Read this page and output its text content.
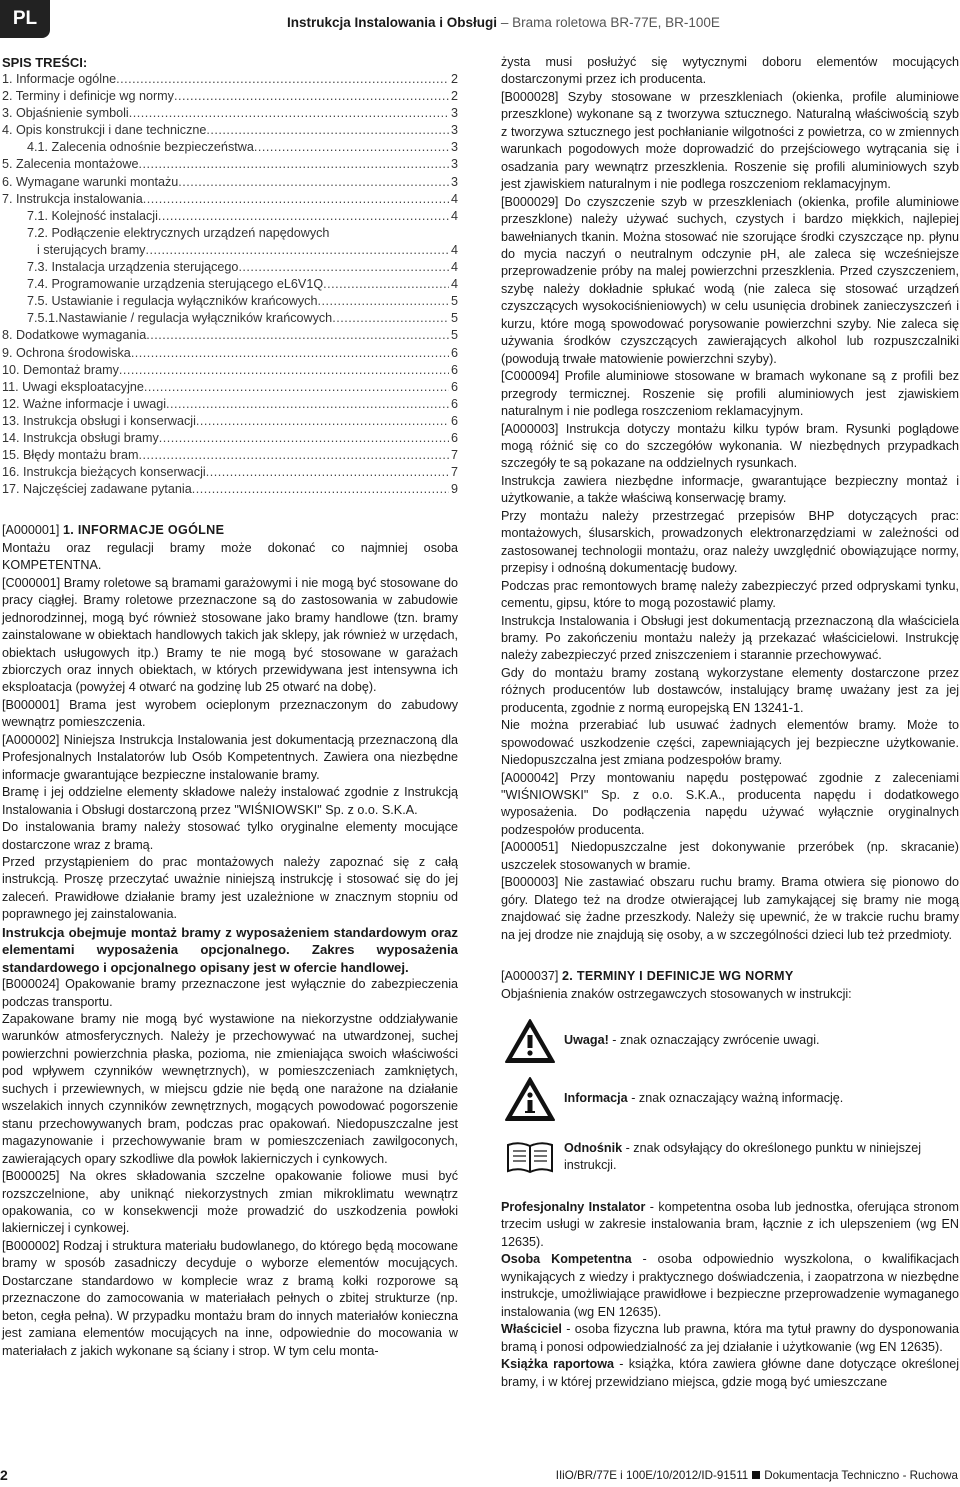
PL	Instrukcja Instalowania i Obsługi – Brama roletowa BR-77E, BR-100E
SPIS TREŚCI:
1. Informacje ogólne .....	2
2. Terminy i definicje wg normy .....	2
3. Objaśnienie symboli .....	3
4. Opis konstrukcji i dane techniczne .....	3
4.1. Zalecenia odnośnie bezpieczeństwa .....	3
5. Zalecenia montażowe .....	3
6. Wymagane warunki montażu .....	3
7. Instrukcja instalowania .....	4
7.1. Kolejność instalacji .....	4
7.2. Podłączenie elektrycznych urządzeń napędowych
i sterujących bramy .....	4
7.3. Instalacja urządzenia sterującego .....	4
7.4. Programowanie urządzenia sterującego eL6V1Q .....	4
7.5. Ustawianie i regulacja wyłączników krańcowych .....	5
7.5.1.Nastawianie / regulacja wyłączników krańcowych .....	5
8. Dodatkowe wymagania .....	5
9. Ochrona środowiska .....	6
10. Demontaż bramy .....	6
11. Uwagi eksploatacyjne .....	6
12. Ważne informacje i uwagi .....	6
13. Instrukcja obsługi i konserwacji .....	6
14. Instrukcja obsługi bramy .....	6
15. Błędy montażu bram .....	7
16. Instrukcja bieżących konserwacji .....	7
17. Najczęściej zadawane pytania .....	9

[A000001] 1. INFORMACJE OGÓLNE

Montażu oraz regulacji bramy może dokonać co najmniej osoba KOMPETENTNA.

[C000001] Bramy roletowe są bramami garażowymi i nie mogą być stosowane do pracy ciągłej. Bramy roletowe przeznaczone są do zastosowania w zabudowie jednorodzinnej, mogą być również stosowane jako bramy handlowe (tzn. bramy zainstalowane w obiektach handlowych takich jak sklepy, jak również w urzędach, obiektach usługowych itp.) Bramy te nie mogą być stosowane w garażach zbiorczych oraz innych obiektach, w których przewidywana jest intensywna ich eksploatacja (powyżej 4 otwarć na godzinę lub 25 otwarć na dobę).

[B000001] Brama jest wyrobem ocieplonym przeznaczonym do zabudowy wewnątrz pomieszczenia.

[A000002] Niniejsza Instrukcja Instalowania jest dokumentacją przeznaczoną dla Profesjonalnych Instalatorów lub Osób Kompetentnych. Zawiera ona niezbędne informacje gwarantujące bezpieczne instalowanie bramy.

Bramę i jej oddzielne elementy składowe należy instalować zgodnie z Instrukcją Instalowania i Obsługi dostarczoną przez "WIŚNIOWSKI" Sp. z o.o. S.K.A.

Do instalowania bramy należy stosować tylko oryginalne elementy mocujące dostarczone wraz z bramą.

Przed przystąpieniem do prac montażowych należy zapoznać się z całą instrukcją. Proszę przeczytać uważnie niniejszą instrukcję i stosować się do jej zaleceń. Prawidłowe działanie bramy jest uzależnione w znacznym stopniu od poprawnego jej zainstalowania.

Instrukcja obejmuje montaż bramy z wyposażeniem standardowym oraz elementami wyposażenia opcjonalnego. Zakres wyposażenia standardowego i opcjonalnego opisany jest w ofercie handlowej.

[B000024] Opakowanie bramy przeznaczone jest wyłącznie do zabezpieczenia podczas transportu.

Zapakowane bramy nie mogą być wystawione na niekorzystne oddziaływanie warunków atmosferycznych. Należy je przechowywać na utwardzonej, suchej powierzchni powierzchnia płaska, pozioma, nie zmieniająca swoich właściwości pod wpływem czynników wewnętrznych), w pomieszczeniach zamkniętych, suchych i przewiewnych, w miejscu gdzie nie będą one narażone na działanie wszelakich innych czynników zewnętrznych, mogących powodować pogorszenie stanu przechowywanych bram, podczas prac opakowań. Niedopuszczalne jest magazynowanie i przechowywanie bram w pomieszczeniach zawilgoconych, zawierających opary szkodliwe dla powłok lakierniczych i cynkowych.

[B000025] Na okres składowania szczelne opakowanie foliowe musi być rozszczelnione, aby uniknąć niekorzystnych zmian mikroklimatu wewnątrz opakowania, co w konsekwencji może prowadzić do uszkodzenia powłoki lakierniczej i cynkowej.

[B000002] Rodzaj i struktura materiału budowlanego, do którego będą mocowane bramy w sposób zasadniczy decyduje o wyborze elementów mocujących. Dostarczane standardowo w komplecie wraz z bramą kołki rozporowe są przeznaczone do zamocowania w materiałach pełnych o zbitej strukturze (np. beton, cegła pełna). W przypadku montażu bram do innych materiałów konieczna jest zamiana elementów mocujących na inne, odpowiednie do mocowania w materiałach z jakich wykonane są ściany i strop. W tym celu monta-

żysta musi posłużyć się wytycznymi doboru elementów mocujących dostarczonymi przez ich producenta.

[B000028] Szyby stosowane w przeszkleniach (okienka, profile aluminiowe przeszklone) wykonane są z tworzywa sztucznego. Naturalną właściwością szyb z tworzywa sztucznego jest pochłanianie wilgotności z powietrza, co w zmiennych warunkach pogodowych może doprowadzić do przejściowego wytrącania się i osadzania pary wewnątrz przeszklenia. Roszenie się profili aluminiowych szyb jest zjawiskiem naturalnym i nie podlega roszczeniom reklamacyjnym.

[B000029] Do czyszczenie szyb w przeszkleniach (okienka, profile aluminiowe przeszklone) należy używać suchych, czystych i bardzo miękkich, najlepiej bawełnianych tkanin. Można stosować nie szorujące środki czyszczące np. płynu do mycia naczyń o neutralnym odczynie pH, ale zaleca się wcześniejsze przeprowadzenie próby na malej powierzchni przeszklenia. Przed czyszczeniem, szybę należy dokładnie spłukać wodą (nie zaleca się stosować urządzeń czyszczących wysokociśnieniowych) w celu usunięcia drobinek zanieczyszczeń i kurzu, które mogą spowodować porysowanie powierzchni szyby. Nie zaleca się używania środków czyszczących zawierających alkohol lub rozpuszczalniki (powodują trwałe matowienie powierzchni szyby).

[C000094] Profile aluminiowe stosowane w bramach wykonane są z profili bez przegrody termicznej. Roszenie się profili aluminiowych jest zjawiskiem naturalnym i nie podlega roszczeniom reklamacyjnym.

[A000003] Instrukcja dotyczy montażu kilku typów bram. Rysunki poglądowe mogą różnić się co do szczegółów wykonania. W niezbędnych przypadkach szczegóły te są pokazane na oddzielnych rysunkach.

Instrukcja zawiera niezbędne informacje, gwarantujące bezpieczny montaż i użytkowanie, a także właściwą konserwację bramy.

Przy montażu należy przestrzegać przepisów BHP dotyczących prac: montażowych, ślusarskich, prowadzonych elektronarzędziami w zależności od zastosowanej technologii montażu, oraz należy uwzględnić obowiązujące normy, przepisy i odnośną dokumentację budowy.

Podczas prac remontowych bramę należy zabezpieczyć przed odpryskami tynku, cementu, gipsu, które to mogą pozostawić plamy.

Instrukcja Instalowania i Obsługi jest dokumentacją przeznaczoną dla właściciela bramy. Po zakończeniu montażu należy ją przekazać właścicielowi. Instrukcję należy zabezpieczyć przed zniszczeniem i starannie przechowywać.

Gdy do montażu bramy zostaną wykorzystane elementy dostarczone przez różnych producentów lub dostawców, instalujący bramę uważany jest za jej producenta, zgodnie z normą europejską EN 13241-1.

Nie można przerabiać lub usuwać żadnych elementów bramy. Może to spowodować uszkodzenie części, zapewniających jej bezpieczne użytkowanie. Niedopuszczalna jest zmiana podzespołów bramy.

[A000042] Przy montowaniu napędu postępować zgodnie z zaleceniami "WIŚNIOWSKI" Sp. z o.o. S.K.A., producenta napędu i dodatkowego wyposażenia. Do podłączenia napędu używać wyłącznie oryginalnych podzespołów producenta.

[A000051] Niedopuszczalne jest dokonywanie przeróbek (np. skracanie) uszczelek stosowanych w bramie.

[B000003] Nie zastawiać obszaru ruchu bramy. Brama otwiera się pionowo do góry. Dlatego też na drodze otwierającej lub zamykającej się bramy nie mogą znajdować się żadne przeszkody. Należy się upewnić, że w trakcie ruchu bramy na jej drodze nie znajdują się osoby, a w szczególności dzieci lub też przedmioty.

[A000037] 2. TERMINY I DEFINICJE WG NORMY

Objaśnienia znaków ostrzegawczych stosowanych w instrukcji:

Uwaga! - znak oznaczający zwrócenie uwagi.
Informacja - znak oznaczający ważną informację.
Odnośnik - znak odsyłający do określonego punktu w niniejszej instrukcji.

Profesjonalny Instalator - kompetentna osoba lub jednostka, oferująca stronom trzecim usługi w zakresie instalowania bram, łącznie z ich ulepszeniem (wg EN 12635).

Osoba Kompetentna - osoba odpowiednio wyszkolona, o kwalifikacjach wynikających z wiedzy i praktycznego doświadczenia, i zaopatrzona w niezbędne instrukcje, umożliwiające prawidłowe i bezpieczne przeprowadzenie wymaganego instalowania (wg EN 12635).

Właściciel - osoba fizyczna lub prawna, która ma tytuł prawny do dysponowania bramą i ponosi odpowiedzialność za jej działanie i użytkowanie (wg EN 12635).

Książka raportowa - książka, która zawiera główne dane dotyczące określonej bramy, i w której przewidziano miejsca, gdzie mogą być umieszczane

2	IIiO/BR/77E i 100E/10/2012/ID-91511 Dokumentacja Techniczno - Ruchowa
